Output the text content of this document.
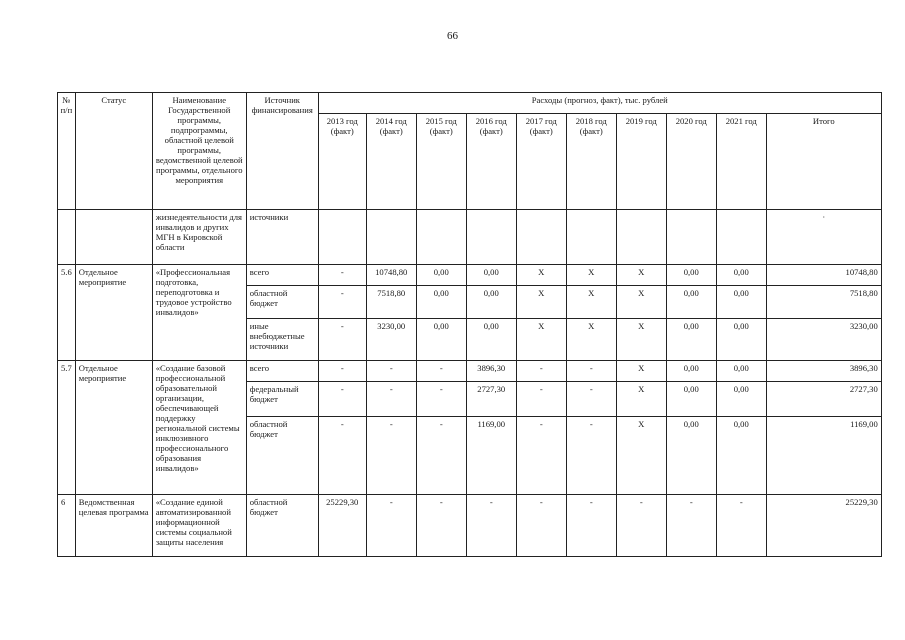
66
№ п/п	Статус	Наименование Государственной программы, подпрограммы, областной целевой программы, ведомственной целевой программы, отдельного мероприятия	Источник финансирования	Расходы (прогноз, факт), тыс. рублей									
				2013 год (факт)	2014 год (факт)	2015 год (факт)	2016 год (факт)	2017 год (факт)	2018 год (факт)	2019 год	2020 год	2021 год	Итого
		жизнедеятельности для инвалидов и других МГН в Кировской области	источники										·
5.6	Отдельное мероприятие	«Профессиональная подготовка, переподготовка и трудовое устройство инвалидов»	всего	-	10748,80	0,00	0,00	X	X	X	0,00	0,00	10748,80
			областной бюджет	-	7518,80	0,00	0,00	X	X	X	0,00	0,00	7518,80
			иные внебюджетные источники	-	3230,00	0,00	0,00	X	X	X	0,00	0,00	3230,00
5.7	Отдельное мероприятие	«Создание базовой профессиональной образовательной организации, обеспечивающей поддержку региональной системы инклюзивного профессионального образования инвалидов»	всего	-	-	-	3896,30	-	-	X	0,00	0,00	3896,30
			федеральный бюджет	-	-	-	2727,30	-	-	X	0,00	0,00	2727,30
			областной бюджет	-	-	-	1169,00	-	-	X	0,00	0,00	1169,00
6	Ведомственная целевая программа	«Создание единой автоматизированной информационной системы социальной защиты населения	областной бюджет	25229,30	-	-	-	-	-	-	-	-	25229,30
